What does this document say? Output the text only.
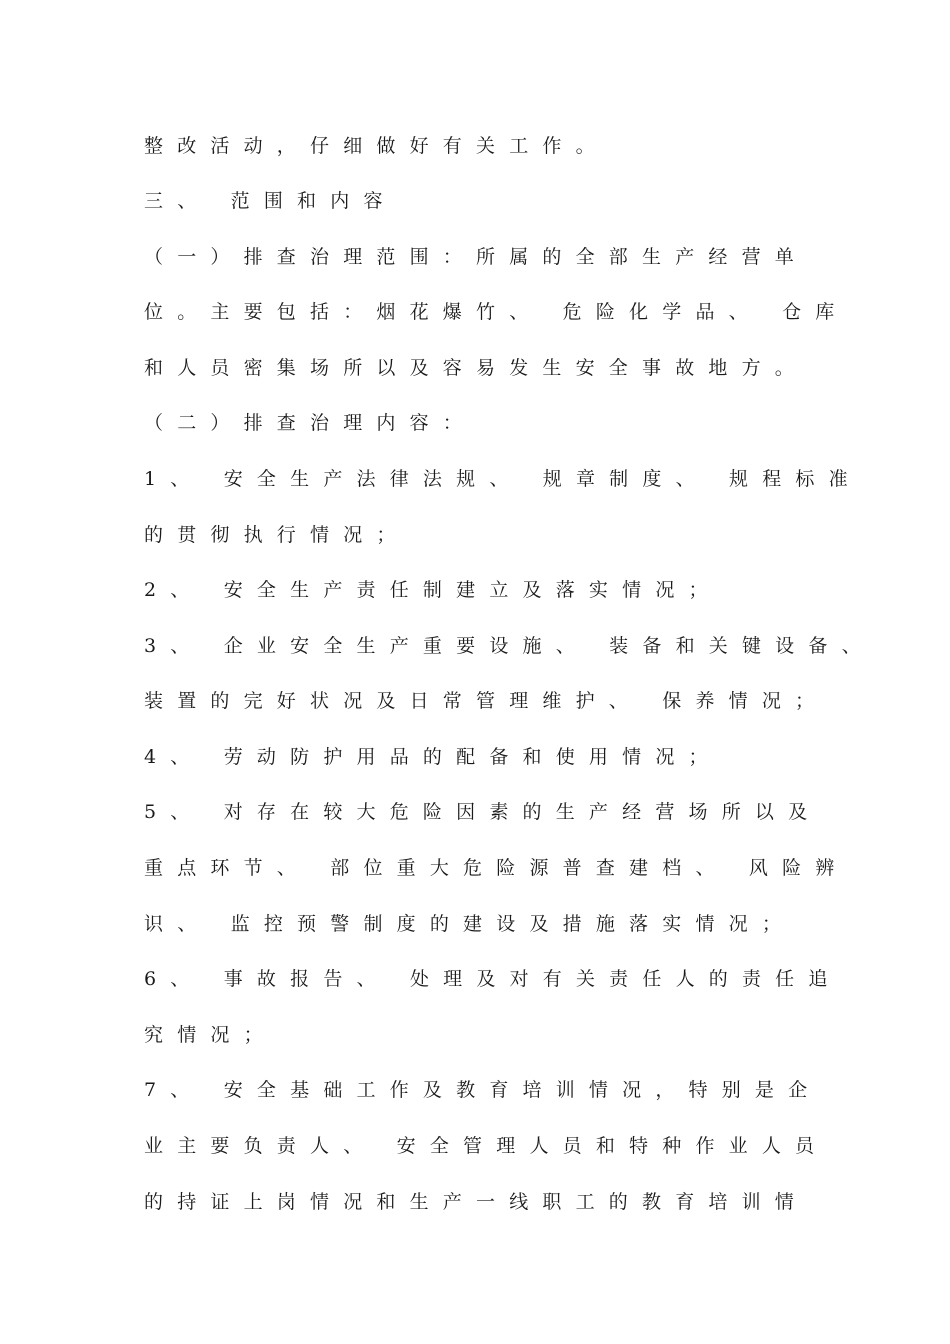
整改活动，仔细做好有关工作。
三、 范围和内容
（一）排查治理范围：所属的全部生产经营单
位。主要包括：烟花爆竹、 危险化学品、 仓库
和人员密集场所以及容易发生安全事故地方。
（二）排查治理内容：
1、 安全生产法律法规、 规章制度、 规程标准
的贯彻执行情况；
2、 安全生产责任制建立及落实情况；
3、 企业安全生产重要设施、 装备和关键设备、
装置的完好状况及日常管理维护、 保养情况；
4、 劳动防护用品的配备和使用情况；
5、 对存在较大危险因素的生产经营场所以及
重点环节、 部位重大危险源普查建档、 风险辨
识、 监控预警制度的建设及措施落实情况；
6、 事故报告、 处理及对有关责任人的责任追
究情况；
7、 安全基础工作及教育培训情况，特别是企
业主要负责人、 安全管理人员和特种作业人员
的持证上岗情况和生产一线职工的教育培训情
